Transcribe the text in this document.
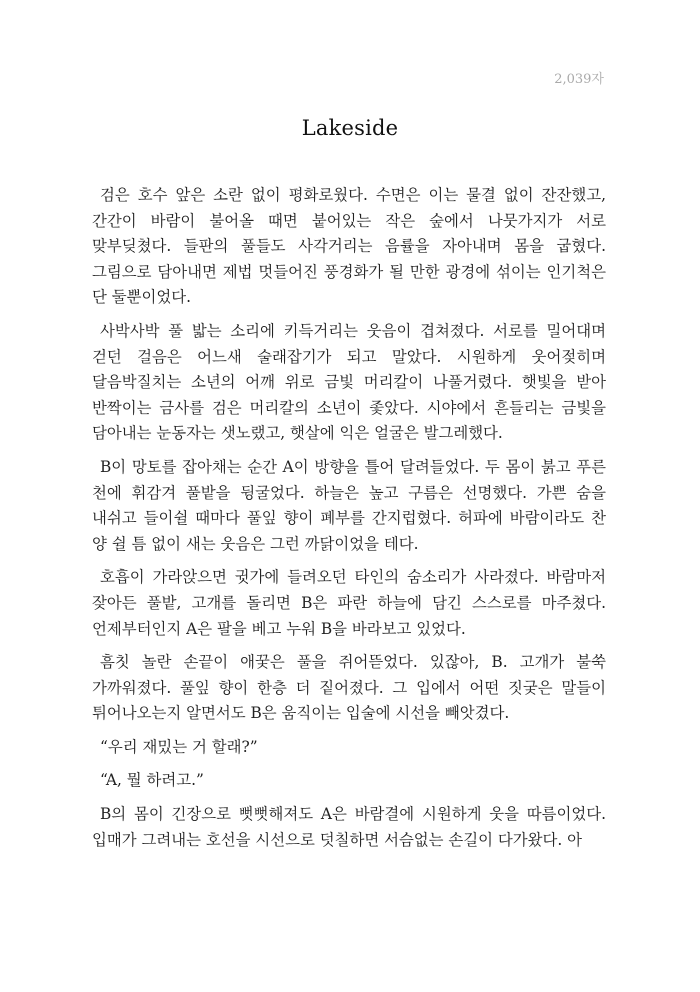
2,039자
Lakeside

검은 호수 앞은 소란 없이 평화로웠다. 수면은 이는 물결 없이 잔잔했고, 간간이 바람이 불어올 때면 붙어있는 작은 숲에서 나뭇가지가 서로 맞부딪쳤다. 들판의 풀들도 사각거리는 음률을 자아내며 몸을 굽혔다. 그림으로 담아내면 제법 멋들어진 풍경화가 될 만한 광경에 섞이는 인기척은 단 둘뿐이었다.

사박사박 풀 밟는 소리에 키득거리는 웃음이 겹쳐졌다. 서로를 밀어대며 걷던 걸음은 어느새 술래잡기가 되고 말았다. 시원하게 웃어젖히며 달음박질치는 소년의 어깨 위로 금빛 머리칼이 나풀거렸다. 햇빛을 받아 반짝이는 금사를 검은 머리칼의 소년이 좇았다. 시야에서 흔들리는 금빛을 담아내는 눈동자는 샛노랬고, 햇살에 익은 얼굴은 발그레했다.

B이 망토를 잡아채는 순간 A이 방향을 틀어 달려들었다. 두 몸이 붉고 푸른 천에 휘감겨 풀밭을 뒹굴었다. 하늘은 높고 구름은 선명했다. 가쁜 숨을 내쉬고 들이쉴 때마다 풀잎 향이 폐부를 간지럽혔다. 허파에 바람이라도 찬 양 쉴 틈 없이 새는 웃음은 그런 까닭이었을 테다.

호흡이 가라앉으면 귓가에 들려오던 타인의 숨소리가 사라졌다. 바람마저 잦아든 풀밭, 고개를 돌리면 B은 파란 하늘에 담긴 스스로를 마주쳤다. 언제부터인지 A은 팔을 베고 누워 B을 바라보고 있었다.

흠칫 놀란 손끝이 애꿎은 풀을 쥐어뜯었다. 있잖아, B. 고개가 불쑥 가까워졌다. 풀잎 향이 한층 더 짙어졌다. 그 입에서 어떤 짓궂은 말들이 튀어나오는지 알면서도 B은 움직이는 입술에 시선을 빼앗겼다.

“우리 재밌는 거 할래?”

“A, 뭘 하려고.”

B의 몸이 긴장으로 뻣뻣해져도 A은 바람결에 시원하게 웃을 따름이었다. 입매가 그려내는 호선을 시선으로 덧칠하면 서슴없는 손길이 다가왔다. 아
